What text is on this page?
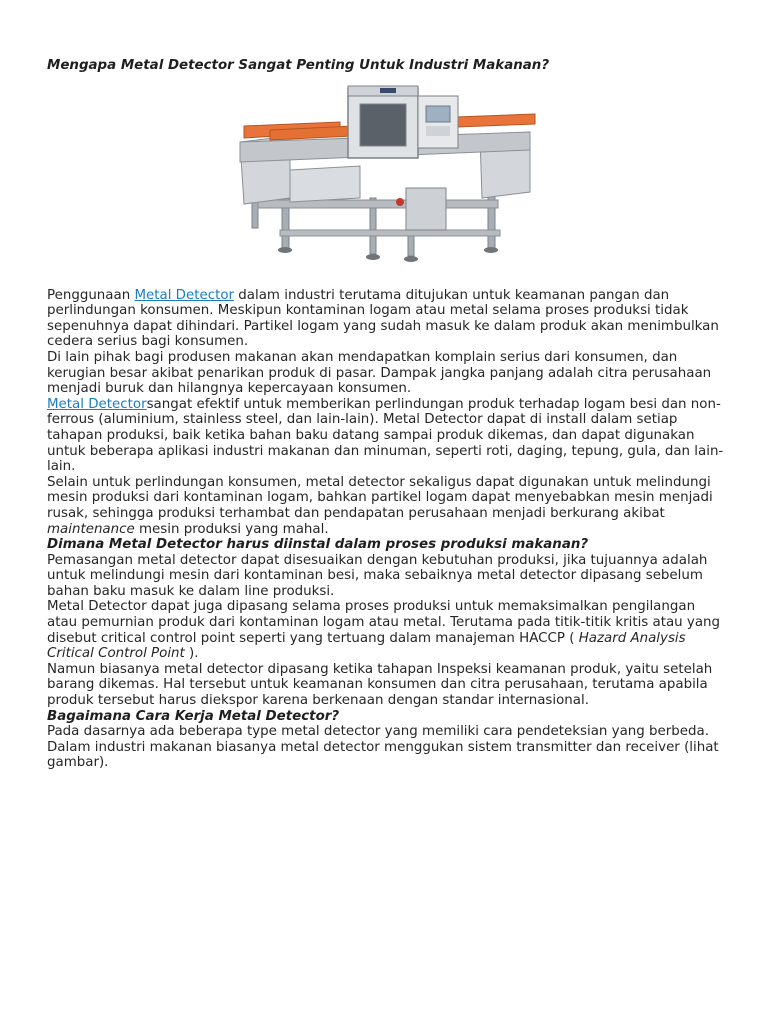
Mengapa Metal Detector Sangat Penting Untuk Industri Makanan?

Penggunaan Metal Detector dalam industri terutama ditujukan untuk keamanan pangan dan perlindungan konsumen. Meskipun kontaminan logam atau metal selama proses produksi tidak sepenuhnya dapat dihindari. Partikel logam yang sudah masuk ke dalam produk akan menimbulkan cedera serius bagi konsumen.

Di lain pihak bagi produsen makanan akan mendapatkan komplain serius dari konsumen, dan kerugian besar akibat penarikan produk di pasar. Dampak jangka panjang adalah citra perusahaan menjadi buruk dan hilangnya kepercayaan konsumen.

Metal Detectorsangat efektif untuk memberikan perlindungan produk terhadap logam besi dan non-ferrous (aluminium, stainless steel, dan lain-lain). Metal Detector dapat di install dalam setiap tahapan produksi, baik ketika bahan baku datang sampai produk dikemas, dan dapat digunakan untuk beberapa aplikasi industri makanan dan minuman, seperti roti, daging, tepung, gula, dan lain-lain.

Selain untuk perlindungan konsumen, metal detector sekaligus dapat digunakan untuk melindungi mesin produksi dari kontaminan logam, bahkan partikel logam dapat menyebabkan mesin menjadi rusak, sehingga produksi terhambat dan pendapatan perusahaan menjadi berkurang akibat maintenance mesin produksi yang mahal.

Dimana Metal Detector harus diinstal dalam proses produksi makanan?

Pemasangan metal detector dapat disesuaikan dengan kebutuhan produksi, jika tujuannya adalah untuk melindungi mesin dari kontaminan besi, maka sebaiknya metal detector dipasang sebelum bahan baku masuk ke dalam line produksi.

Metal Detector dapat juga dipasang selama proses produksi untuk memaksimalkan pengilangan atau pemurnian produk dari kontaminan logam atau metal. Terutama pada titik-titik kritis atau yang disebut critical control point seperti yang tertuang dalam manajeman HACCP ( Hazard Analysis Critical Control Point ).

Namun biasanya metal detector dipasang ketika tahapan Inspeksi keamanan produk, yaitu setelah barang dikemas. Hal tersebut untuk keamanan konsumen dan citra perusahaan, terutama apabila produk tersebut harus diekspor karena berkenaan dengan standar internasional.

Bagaimana Cara Kerja Metal Detector?

Pada dasarnya ada beberapa type metal detector yang memiliki cara pendeteksian yang berbeda. Dalam industri makanan biasanya metal detector menggukan sistem transmitter dan receiver (lihat gambar).
